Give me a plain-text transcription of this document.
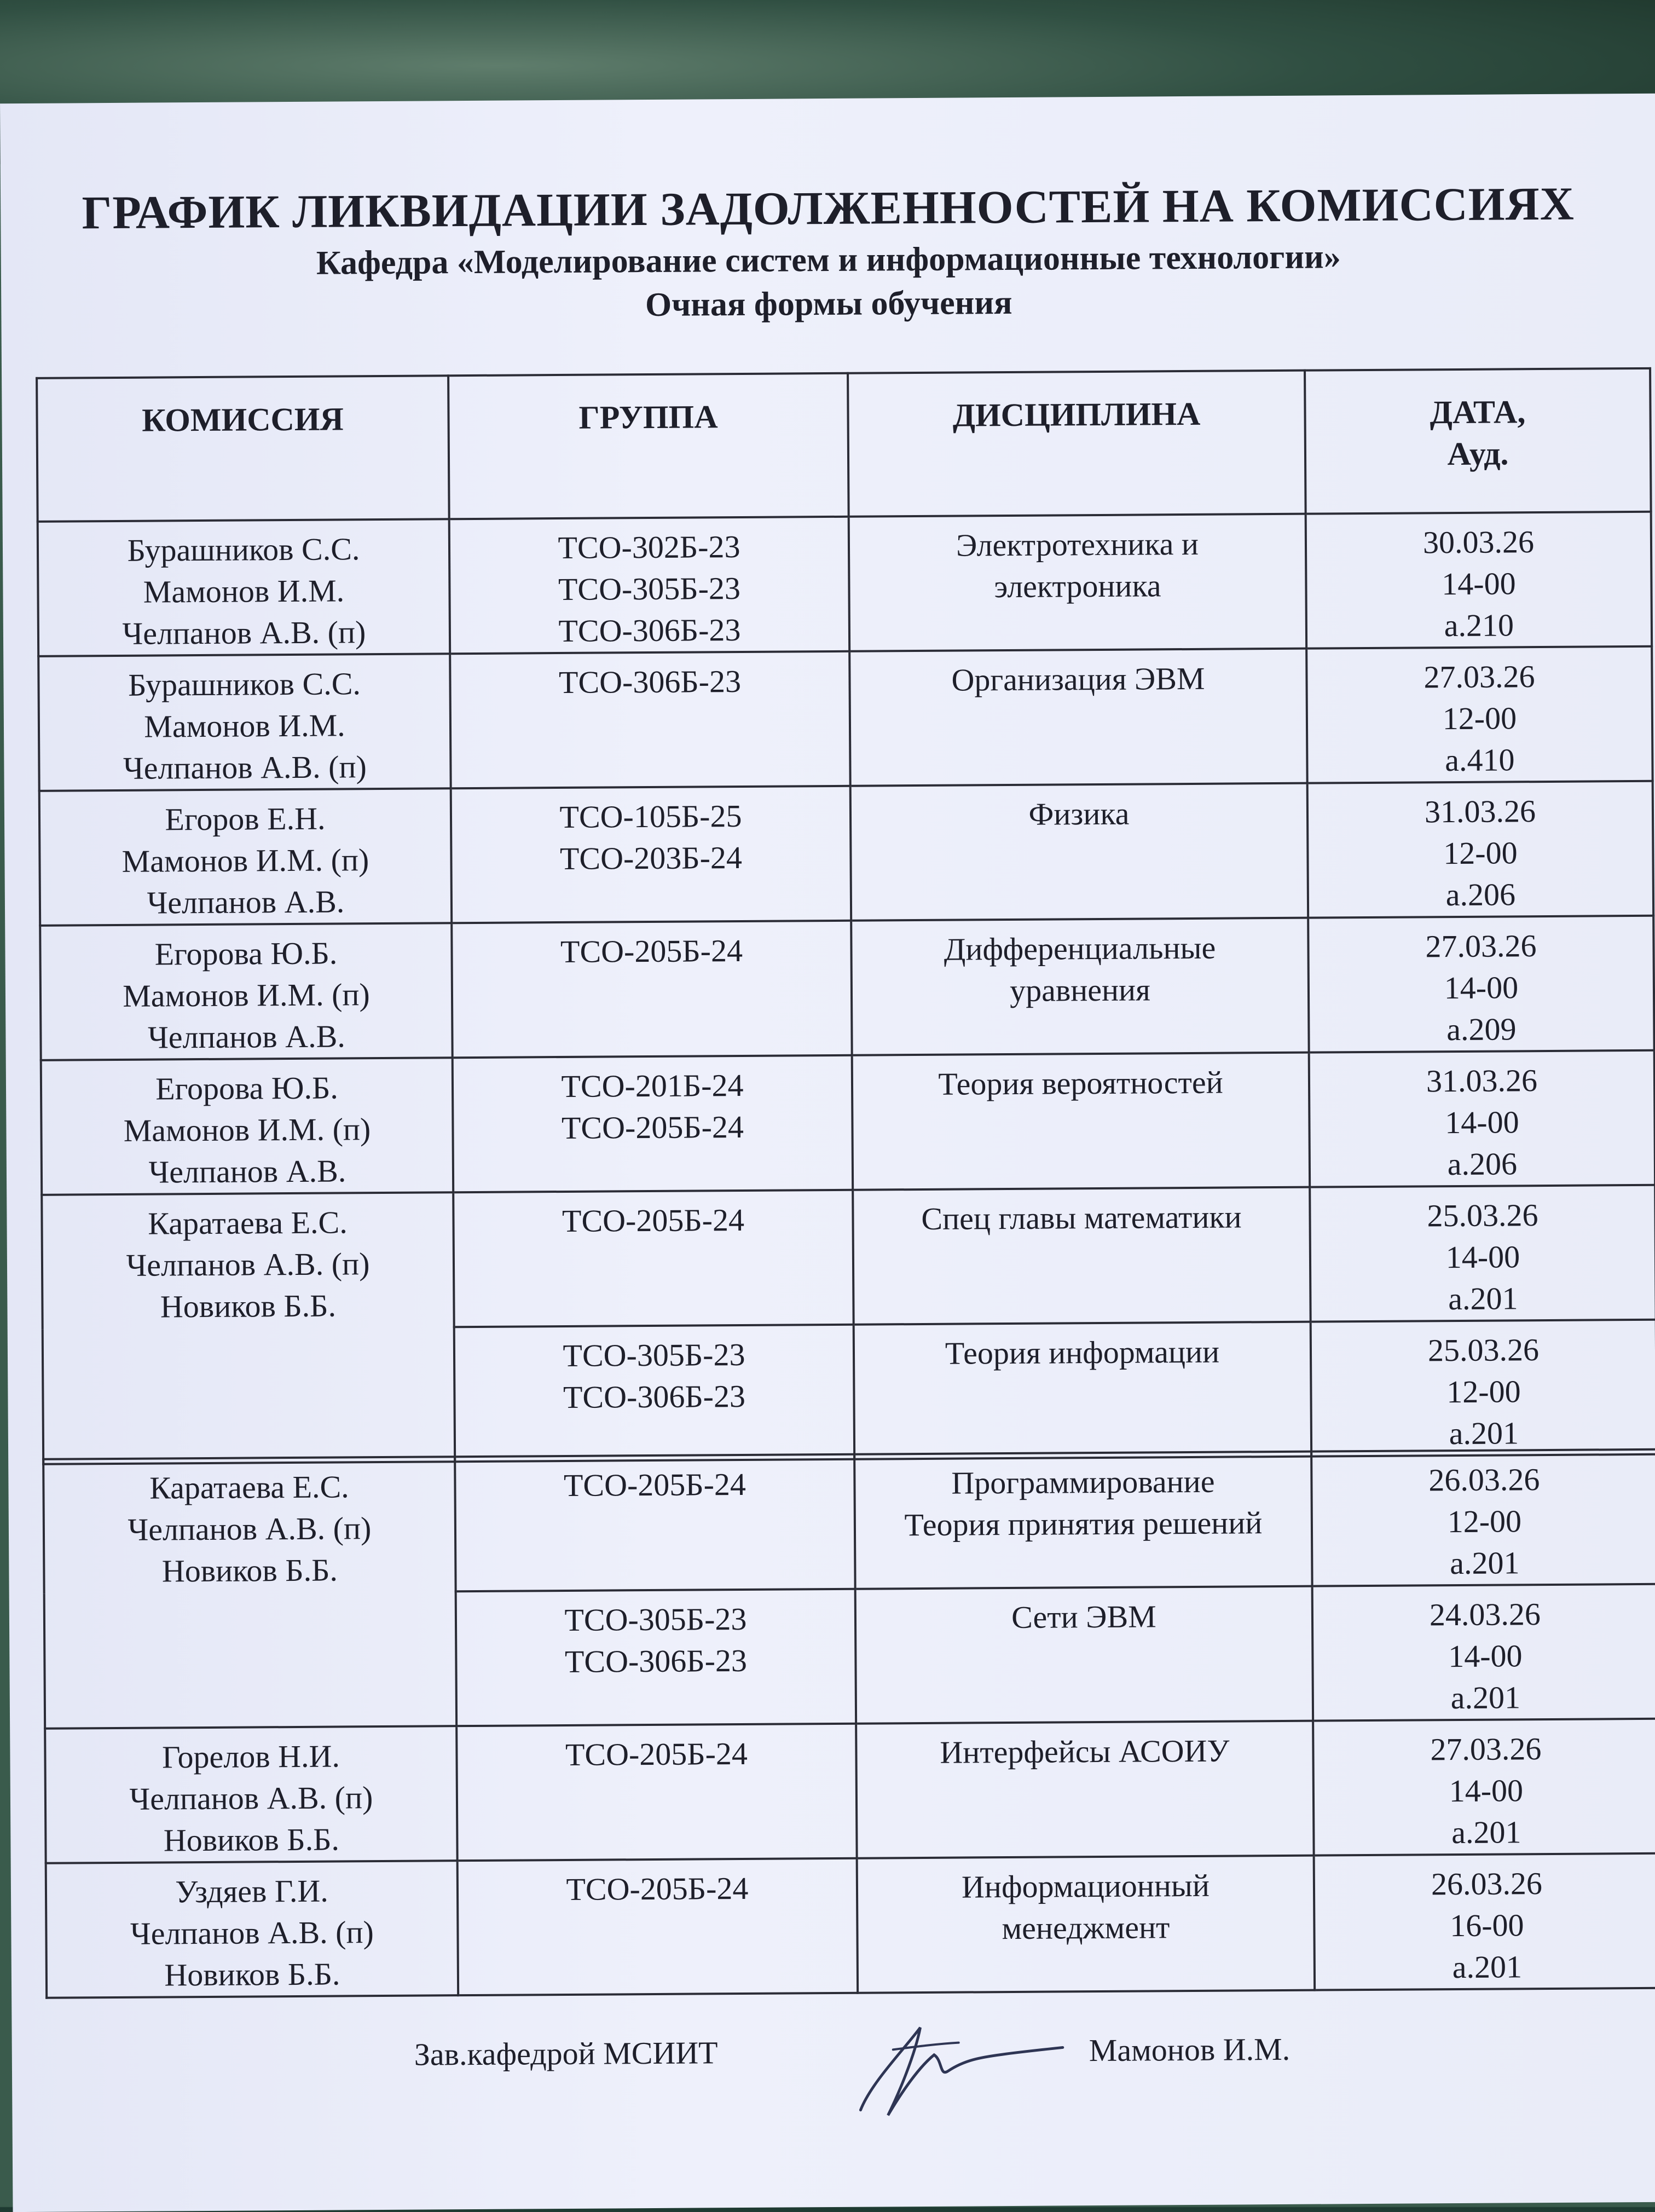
ГРАФИК ЛИКВИДАЦИИ ЗАДОЛЖЕННОСТЕЙ НА КОМИССИЯХ
Кафедра «Моделирование систем и информационные технологии»
Очная формы обучения
КОМИССИЯ	ГРУППА	ДИСЦИПЛИНА	ДАТА,
Ауд.

Бурашников С.С.
Мамонов И.М.
Челпанов А.В. (п)	ТСО-302Б-23
ТСО-305Б-23
ТСО-306Б-23	Электротехника и
электроника	30.03.26
14-00
а.210

Бурашников С.С.
Мамонов И.М.
Челпанов А.В. (п)	ТСО-306Б-23	Организация ЭВМ	27.03.26
12-00
а.410

Егоров Е.Н.
Мамонов И.М. (п)
Челпанов А.В.	ТСО-105Б-25
ТСО-203Б-24	Физика	31.03.26
12-00
а.206

Егорова Ю.Б.
Мамонов И.М. (п)
Челпанов А.В.	ТСО-205Б-24	Дифференциальные
уравнения	27.03.26
14-00
а.209

Егорова Ю.Б.
Мамонов И.М. (п)
Челпанов А.В.	ТСО-201Б-24
ТСО-205Б-24	Теория вероятностей	31.03.26
14-00
а.206

Каратаева Е.С.
Челпанов А.В. (п)
Новиков Б.Б.	ТСО-205Б-24	Спец главы математики	25.03.26
14-00
а.201

	ТСО-305Б-23
ТСО-306Б-23	Теория информации	25.03.26
12-00
а.201
Каратаева Е.С.
Челпанов А.В. (п)
Новиков Б.Б.	ТСО-205Б-24	Программирование
Теория принятия решений	26.03.26
12-00
а.201

	ТСО-305Б-23
ТСО-306Б-23	Сети ЭВМ	24.03.26
14-00
а.201

Горелов Н.И.
Челпанов А.В. (п)
Новиков Б.Б.	ТСО-205Б-24	Интерфейсы АСОИУ	27.03.26
14-00
а.201

Уздяев Г.И.
Челпанов А.В. (п)
Новиков Б.Б.	ТСО-205Б-24	Информационный
менеджмент	26.03.26
16-00
а.201
Зав.кафедрой МСИИТ	Мамонов И.М.
